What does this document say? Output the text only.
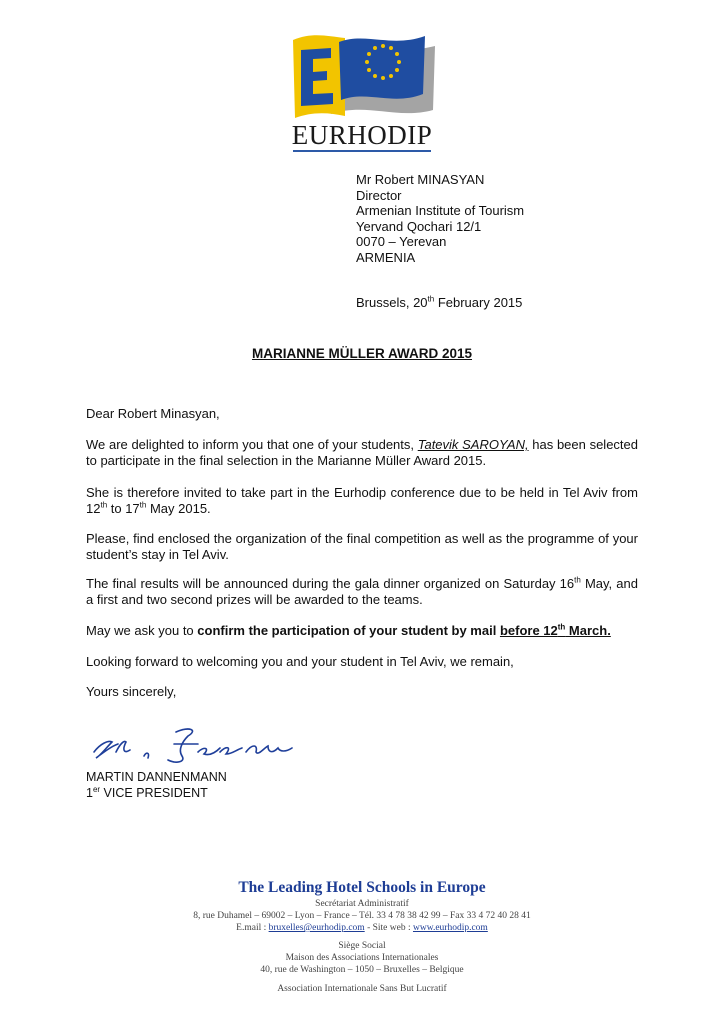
EURHODIP
Mr Robert MINASYAN
Director
Armenian Institute of Tourism
Yervand Qochari 12/1
0070 – Yerevan
ARMENIA
Brussels, 20th February 2015
MARIANNE MÜLLER AWARD 2015
Dear Robert Minasyan,
We are delighted to inform you that one of your students, Tatevik SAROYAN, has been selected to participate in the final selection in the Marianne Müller Award 2015.
She is therefore invited to take part in the Eurhodip conference due to be held in Tel Aviv from 12th to 17th May 2015.
Please, find enclosed the organization of the final competition as well as the programme of your student’s stay in Tel Aviv.
The final results will be announced during the gala dinner organized on Saturday 16th May, and a first and two second prizes will be awarded to the teams.
May we ask you to confirm the participation of your student by mail before 12th March.
Looking forward to welcoming you and your student in Tel Aviv, we remain,
Yours sincerely,
MARTIN DANNENMANN
1er VICE PRESIDENT
The Leading Hotel Schools in Europe
Secrétariat Administratif
8, rue Duhamel – 69002 – Lyon – France – Tél. 33 4 78 38 42 99 – Fax 33 4 72 40 28 41
E.mail : bruxelles@eurhodip.com - Site web : www.eurhodip.com
Siège Social
Maison des Associations Internationales
40, rue de Washington – 1050 – Bruxelles – Belgique
Association Internationale Sans But Lucratif
